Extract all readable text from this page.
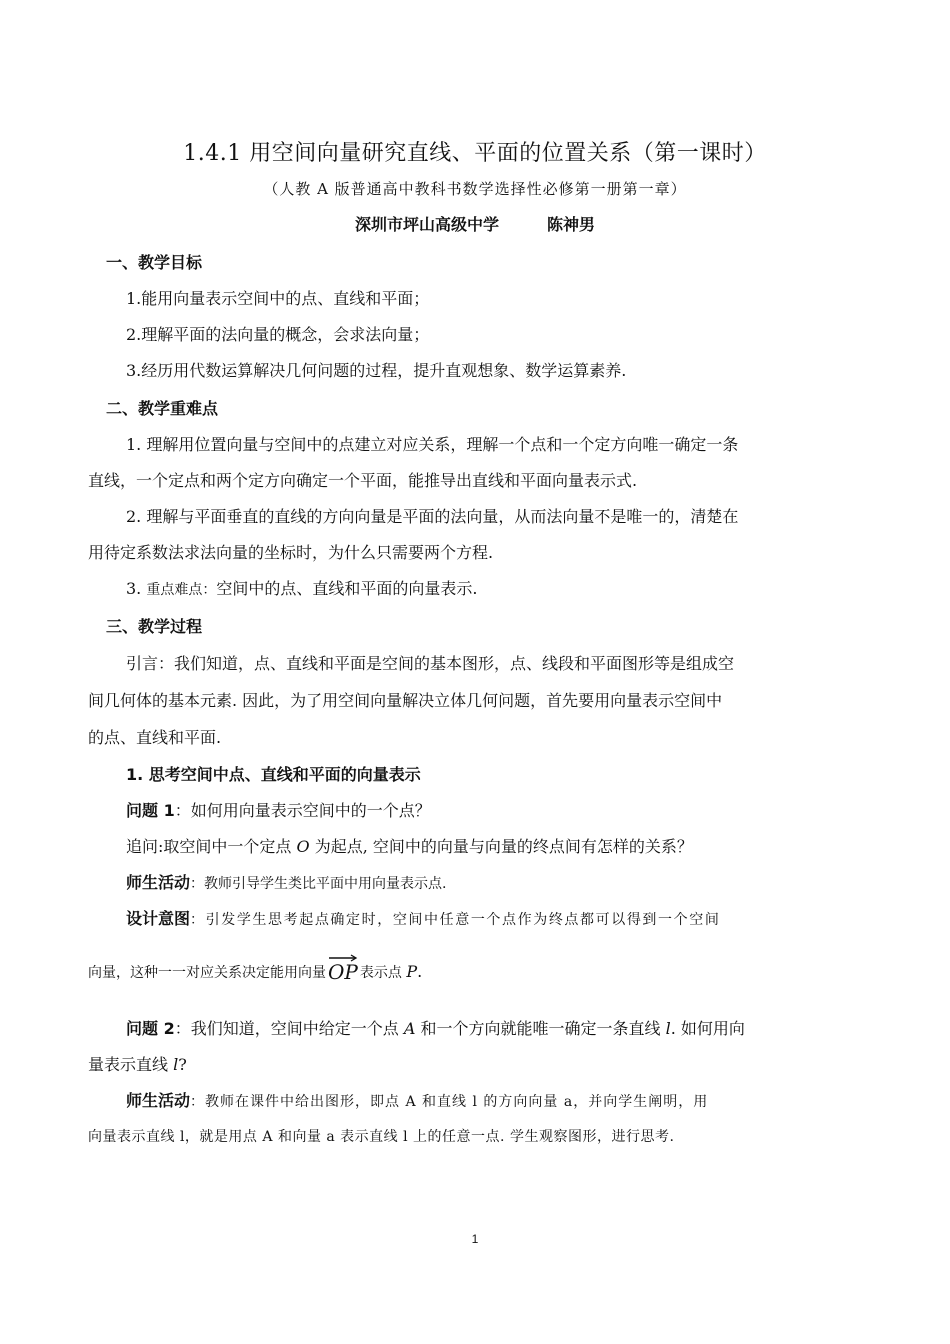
1.4.1 用空间向量研究直线、平面的位置关系（第一课时）
（人教 A 版普通高中教科书数学选择性必修第一册第一章）
深圳市坪山高级中学	陈神男
一、教学目标
1.能用向量表示空间中的点、直线和平面；
2.理解平面的法向量的概念，会求法向量；
3.经历用代数运算解决几何问题的过程，提升直观想象、数学运算素养.
二、教学重难点
1. 理解用位置向量与空间中的点建立对应关系，理解一个点和一个定方向唯一确定一条
直线，一个定点和两个定方向确定一个平面，能推导出直线和平面向量表示式.
2. 理解与平面垂直的直线的方向向量是平面的法向量，从而法向量不是唯一的，清楚在
用待定系数法求法向量的坐标时，为什么只需要两个方程.
3. 重点难点：空间中的点、直线和平面的向量表示.
三、教学过程
引言：我们知道，点、直线和平面是空间的基本图形，点、线段和平面图形等是组成空
间几何体的基本元素. 因此，为了用空间向量解决立体几何问题，首先要用向量表示空间中
的点、直线和平面.
1. 思考空间中点、直线和平面的向量表示
问题 1：如何用向量表示空间中的一个点？
追问:取空间中一个定点 O 为起点, 空间中的向量与向量的终点间有怎样的关系？
师生活动：教师引导学生类比平面中用向量表示点.
设计意图：引发学生思考起点确定时，空间中任意一个点作为终点都可以得到一个空间
向量，这种一一对应关系决定能用向量 OP 表示点 P.
问题 2：我们知道，空间中给定一个点 A 和一个方向就能唯一确定一条直线 l. 如何用向
量表示直线 l?
师生活动：教师在课件中给出图形，即点 A 和直线 l 的方向向量 a，并向学生阐明，用
向量表示直线 l，就是用点 A 和向量 a 表示直线 l 上的任意一点. 学生观察图形，进行思考.
1
